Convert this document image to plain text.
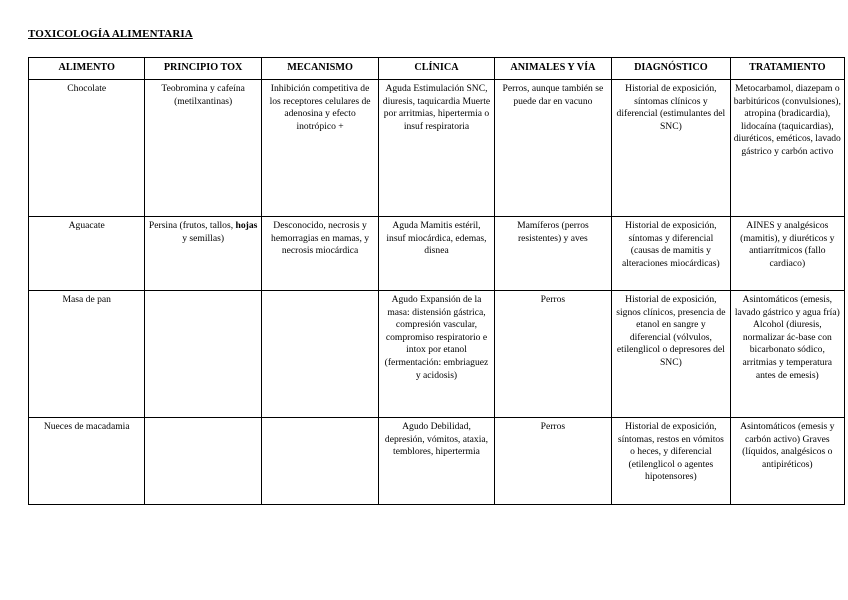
TOXICOLOGÍA ALIMENTARIA
ALIMENTO	PRINCIPIO TOX	MECANISMO	CLÍNICA	ANIMALES Y VÍA	DIAGNÓSTICO	TRATAMIENTO
Chocolate	Teobromina y cafeína (metilxantinas)	Inhibición competitiva de los receptores celulares de adenosina y efecto inotrópico +	Aguda Estimulación SNC, diuresis, taquicardia Muerte por arritmias, hipertermia o insuf respiratoria	Perros, aunque también se puede dar en vacuno	Historial de exposición, síntomas clínicos y diferencial (estimulantes del SNC)	Metocarbamol, diazepam o barbitúricos (convulsiones), atropina (bradicardia), lidocaína (taquicardias), diuréticos, eméticos, lavado gástrico y carbón activo
Aguacate	Persina (frutos, tallos, hojas y semillas)	Desconocido, necrosis y hemorragias en mamas, y necrosis miocárdica	Aguda Mamitis estéril, insuf miocárdica, edemas, disnea	Mamíferos (perros resistentes) y aves	Historial de exposición, síntomas y diferencial (causas de mamitis y alteraciones miocárdicas)	AINES y analgésicos (mamitis), y diuréticos y antiarrítmicos (fallo cardiaco)
Masa de pan			Agudo Expansión de la masa: distensión gástrica, compresión vascular, compromiso respiratorio e intox por etanol (fermentación: embriaguez y acidosis)	Perros	Historial de exposición, signos clínicos, presencia de etanol en sangre y diferencial (vólvulos, etilenglicol o depresores del SNC)	Asintomáticos (emesis, lavado gástrico y agua fría) Alcohol (diuresis, normalizar ác-base con bicarbonato sódico, arritmias y temperatura antes de emesis)
Nueces de macadamia			Agudo Debilidad, depresión, vómitos, ataxia, temblores, hipertermia	Perros	Historial de exposición, síntomas, restos en vómitos o heces, y diferencial (etilenglicol o agentes hipotensores)	Asintomáticos (emesis y carbón activo) Graves (líquidos, analgésicos o antipiréticos)
